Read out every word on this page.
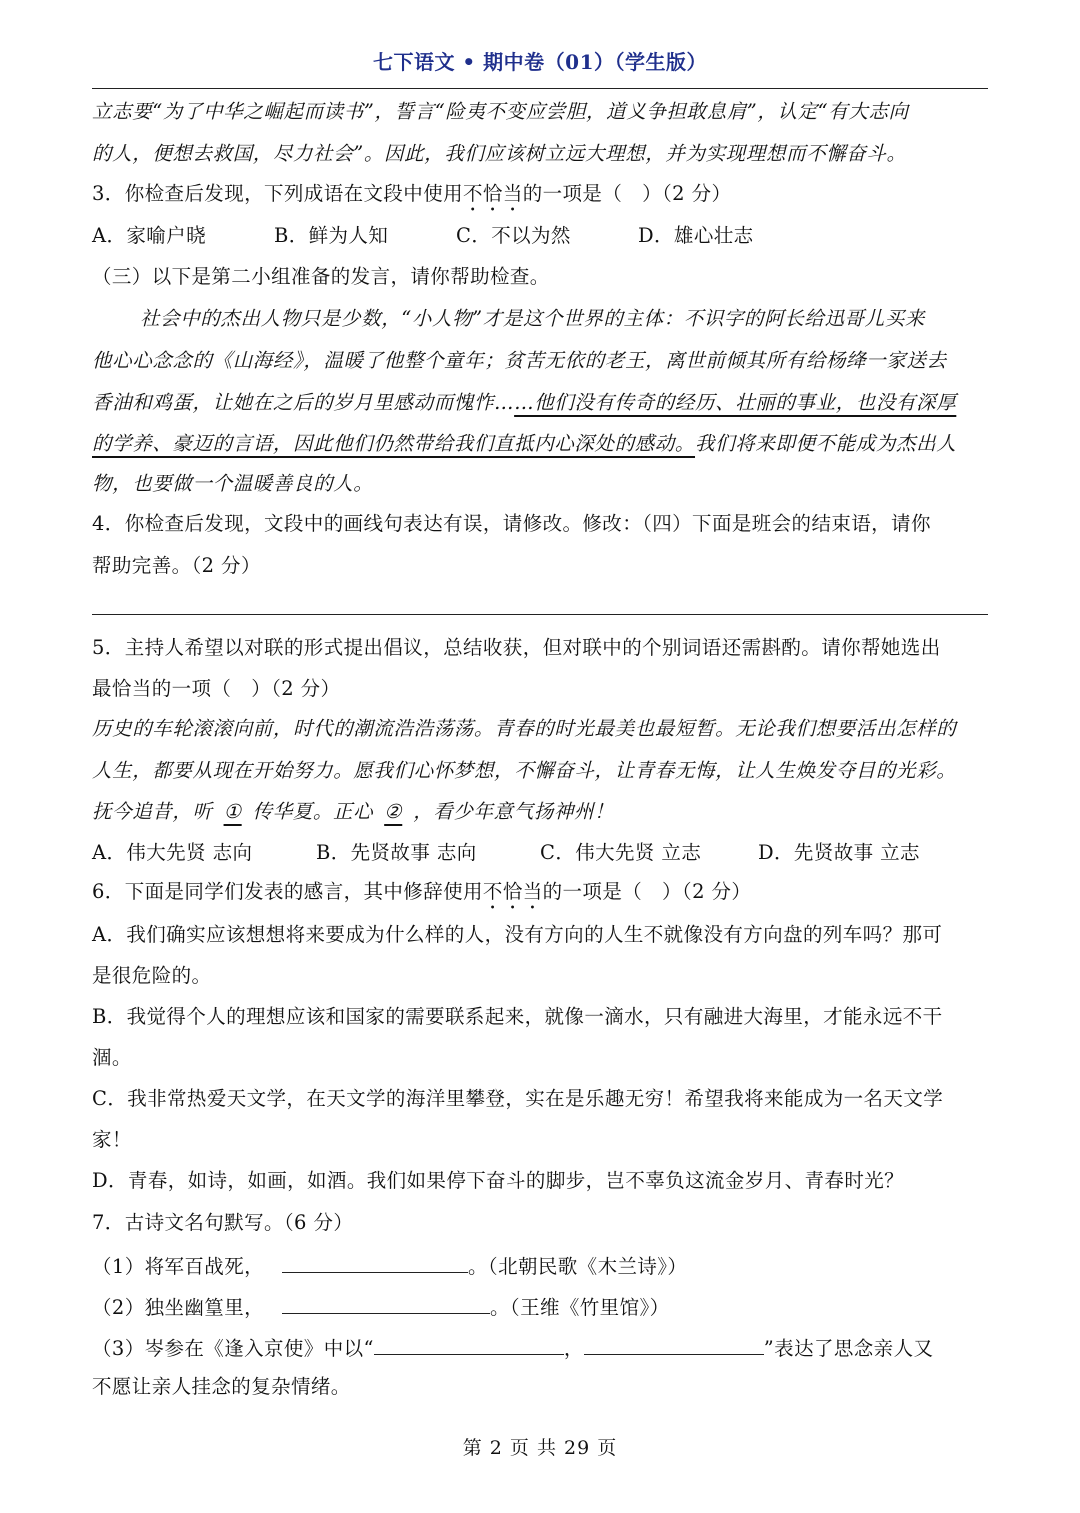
七下语文 • 期中卷（01）（学生版）
立志要“为了中华之崛起而读书”，誓言“险夷不变应尝胆，道义争担敢息肩”，认定“有大志向
的人，便想去救国，尽力社会”。因此，我们应该树立远大理想，并为实现理想而不懈奋斗。
3．你检查后发现，下列成语在文段中使用不恰当的一项是（　）（2 分）
A．家喻户晓	B．鲜为人知	C．不以为然	D．雄心壮志
（三）以下是第二小组准备的发言，请你帮助检查。
社会中的杰出人物只是少数，“小人物”才是这个世界的主体：不识字的阿长给迅哥儿买来
他心心念念的《山海经》，温暖了他整个童年；贫苦无依的老王，离世前倾其所有给杨绛一家送去
香油和鸡蛋，让她在之后的岁月里感动而愧怍……他们没有传奇的经历、壮丽的事业，也没有深厚
的学养、豪迈的言语，因此他们仍然带给我们直抵内心深处的感动。我们将来即便不能成为杰出人
物，也要做一个温暖善良的人。
4．你检查后发现，文段中的画线句表达有误，请修改。修改：（四）下面是班会的结束语，请你
帮助完善。（2 分）
5．主持人希望以对联的形式提出倡议，总结收获，但对联中的个别词语还需斟酌。请你帮她选出
最恰当的一项（　）（2 分）
历史的车轮滚滚向前，时代的潮流浩浩荡荡。青春的时光最美也最短暂。无论我们想要活出怎样的
人生，都要从现在开始努力。愿我们心怀梦想，不懈奋斗，让青春无悔，让人生焕发夺目的光彩。
抚今追昔，听 ① 传华夏。正心 ② ，看少年意气扬神州！
A．伟大先贤 志向	B．先贤故事 志向	C．伟大先贤 立志	D．先贤故事 立志
6．下面是同学们发表的感言，其中修辞使用不恰当的一项是（　）（2 分）
A．我们确实应该想想将来要成为什么样的人，没有方向的人生不就像没有方向盘的列车吗？那可
是很危险的。
B．我觉得个人的理想应该和国家的需要联系起来，就像一滴水，只有融进大海里，才能永远不干
涸。
C．我非常热爱天文学，在天文学的海洋里攀登，实在是乐趣无穷！希望我将来能成为一名天文学
家！
D．青春，如诗，如画，如酒。我们如果停下奋斗的脚步，岂不辜负这流金岁月、青春时光？
7．古诗文名句默写。（6 分）
（1）将军百战死，	。（北朝民歌《木兰诗》）
（2）独坐幽篁里，	。（王维《竹里馆》）
（3）岑参在《逢入京使》中以“	，	”表达了思念亲人又
不愿让亲人挂念的复杂情绪。
第 2 页 共 29 页
